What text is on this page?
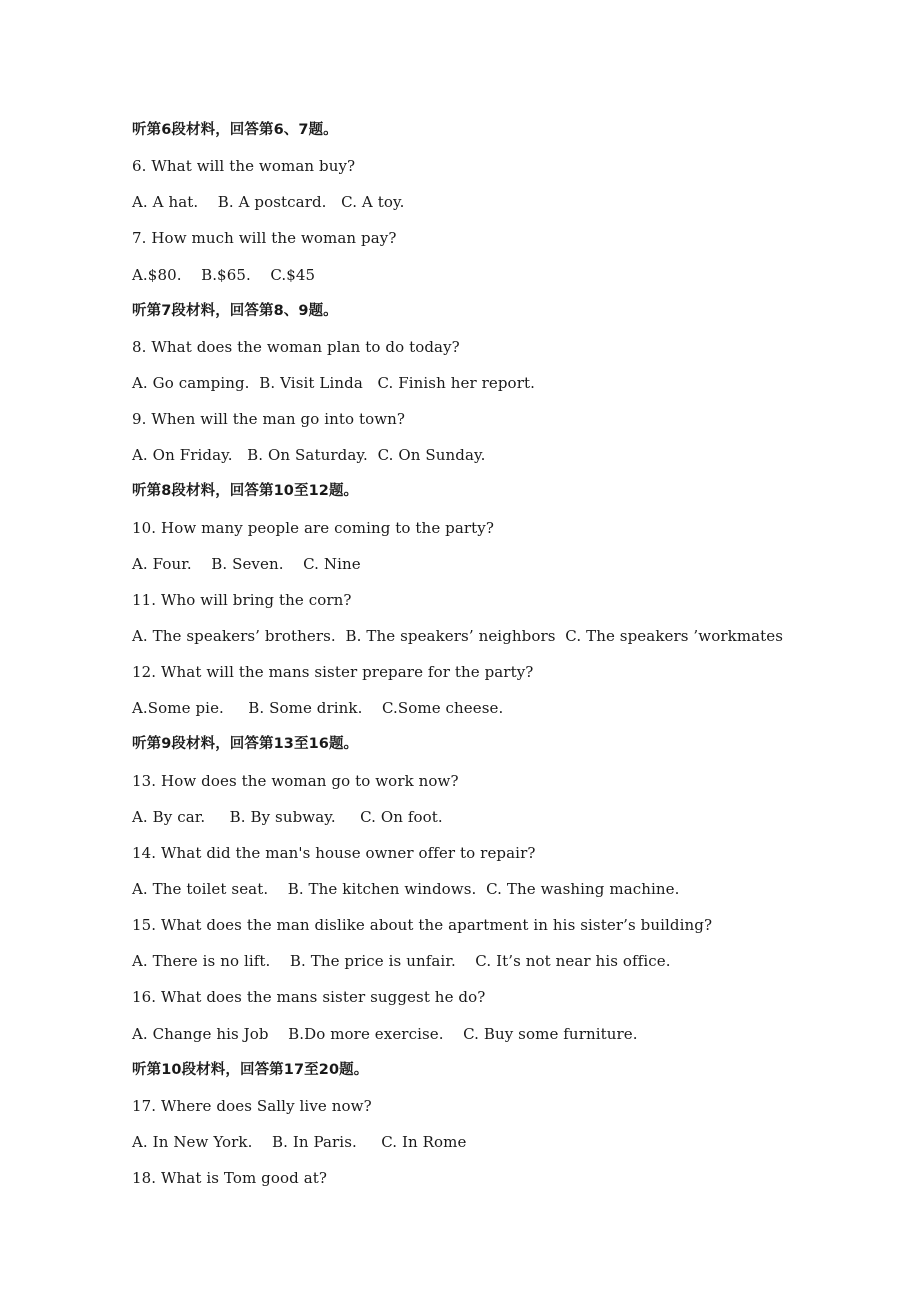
听第6段材料，回答第6、7题。
6. What will the woman buy?
A. A hat.    B. A postcard.   C. A toy.
7. How much will the woman pay?
A.$80.    B.$65.    C.$45
听第7段材料，回答第8、9题。
8. What does the woman plan to do today?
A. Go camping.  B. Visit Linda   C. Finish her report.
9. When will the man go into town?
A. On Friday.   B. On Saturday.  C. On Sunday.
听第8段材料，回答第10至12题。
10. How many people are coming to the party?
A. Four.    B. Seven.    C. Nine
11. Who will bring the corn?
A. The speakers’ brothers.  B. The speakers’ neighbors  C. The speakers ’workmates
12. What will the mans sister prepare for the party?
A.Some pie.     B. Some drink.    C.Some cheese.
听第9段材料，回答第13至16题。
13. How does the woman go to work now?
A. By car.     B. By subway.     C. On foot.
14. What did the man's house owner offer to repair?
A. The toilet seat.    B. The kitchen windows.  C. The washing machine.
15. What does the man dislike about the apartment in his sister’s building?
A. There is no lift.    B. The price is unfair.    C. It’s not near his office.
16. What does the mans sister suggest he do?
A. Change his Job    B.Do more exercise.    C. Buy some furniture.
听第10段材料，回答第17至20题。
17. Where does Sally live now?
A. In New York.    B. In Paris.     C. In Rome
18. What is Tom good at?
